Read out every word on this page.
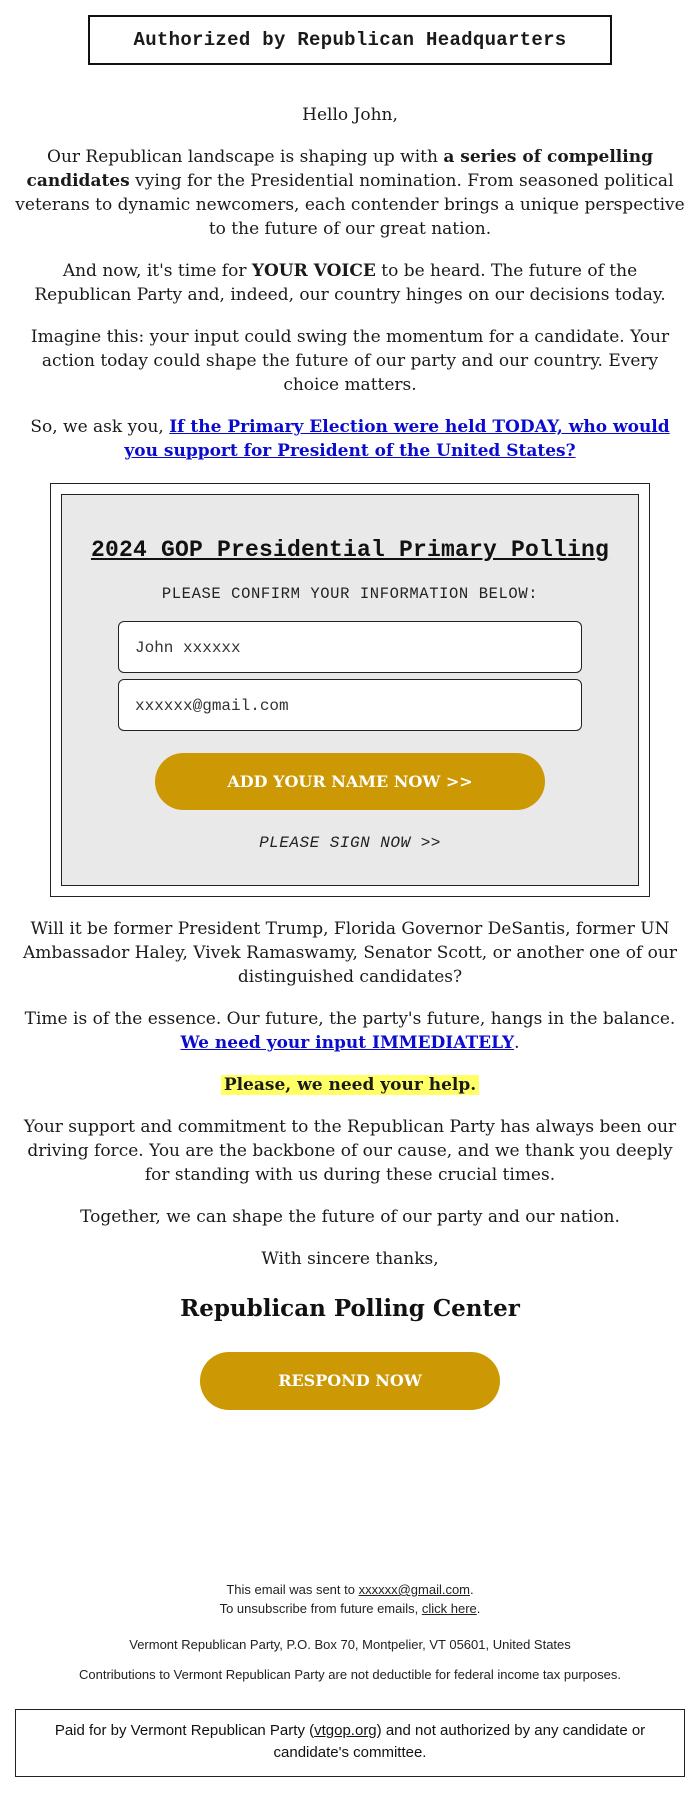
Authorized by Republican Headquarters
Hello John,
Our Republican landscape is shaping up with a series of compelling candidates vying for the Presidential nomination. From seasoned political veterans to dynamic newcomers, each contender brings a unique perspective to the future of our great nation.
And now, it's time for YOUR VOICE to be heard. The future of the Republican Party and, indeed, our country hinges on our decisions today.
Imagine this: your input could swing the momentum for a candidate. Your action today could shape the future of our party and our country. Every choice matters.
So, we ask you, If the Primary Election were held TODAY, who would you support for President of the United States?
2024 GOP Presidential Primary Polling
PLEASE CONFIRM YOUR INFORMATION BELOW:
John xxxxxx
xxxxxx@gmail.com
ADD YOUR NAME NOW >>
PLEASE SIGN NOW >>
Will it be former President Trump, Florida Governor DeSantis, former UN Ambassador Haley, Vivek Ramaswamy, Senator Scott, or another one of our distinguished candidates?
Time is of the essence. Our future, the party's future, hangs in the balance. We need your input IMMEDIATELY.
Please, we need your help.
Your support and commitment to the Republican Party has always been our driving force. You are the backbone of our cause, and we thank you deeply for standing with us during these crucial times.
Together, we can shape the future of our party and our nation.
With sincere thanks,
Republican Polling Center
RESPOND NOW
This email was sent to xxxxxx@gmail.com.
To unsubscribe from future emails, click here.
Vermont Republican Party, P.O. Box 70, Montpelier, VT 05601, United States
Contributions to Vermont Republican Party are not deductible for federal income tax purposes.
Paid for by Vermont Republican Party (vtgop.org) and not authorized by any candidate or candidate's committee.
